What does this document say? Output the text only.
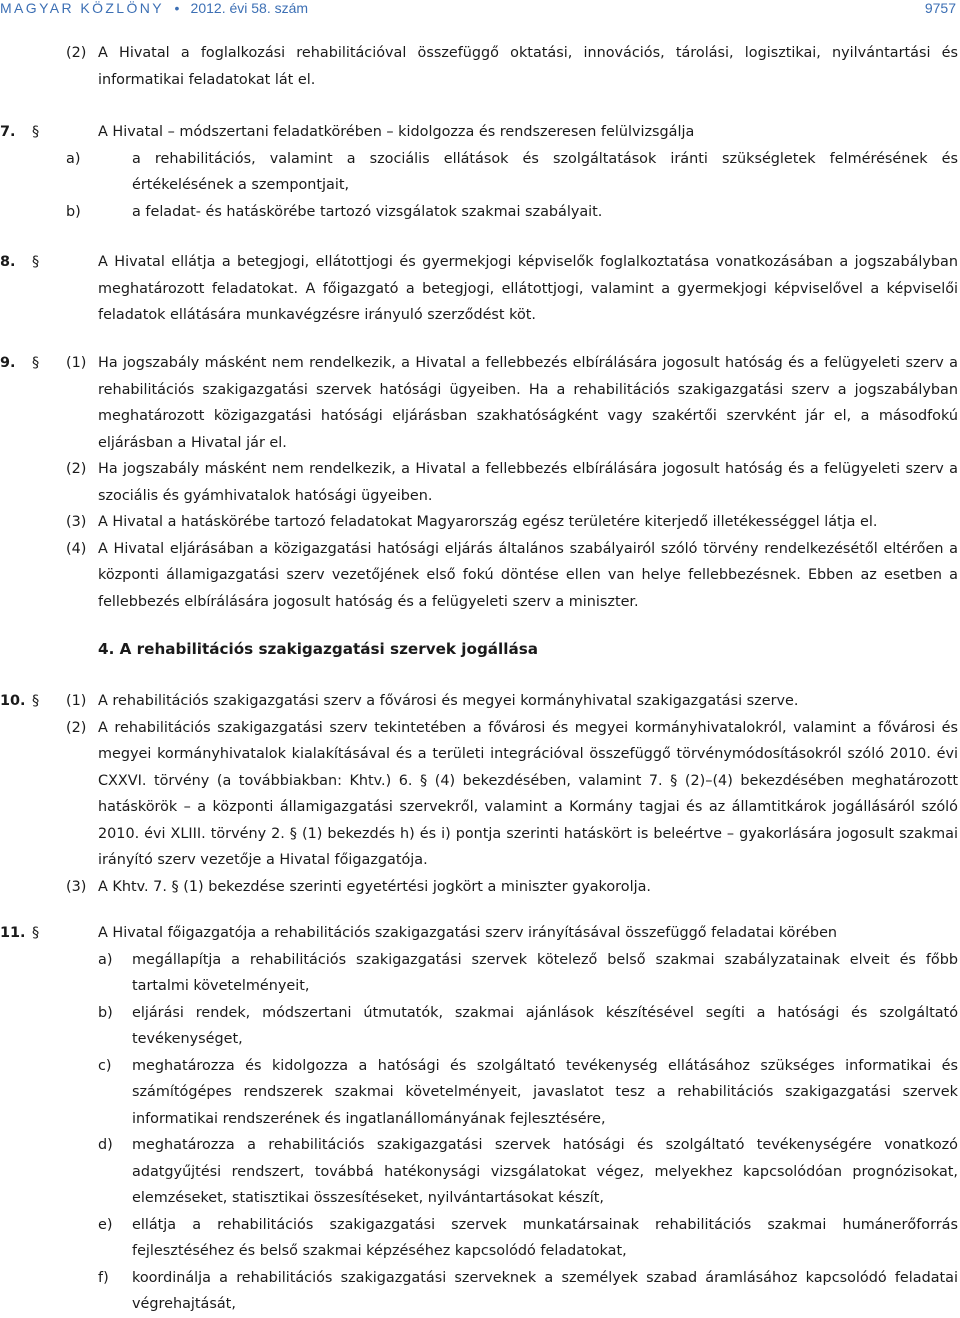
MAGYAR KÖZLÖNY • 2012. évi 58. szám	9757
(2) A Hivatal a foglalkozási rehabilitációval összefüggő oktatási, innovációs, tárolási, logisztikai, nyilvántartási és informatikai feladatokat lát el.

7. §	A Hivatal – módszertani feladatkörében – kidolgozza és rendszeresen felülvizsgálja

a)	a rehabilitációs, valamint a szociális ellátások és szolgáltatások iránti szükségletek felmérésének és értékelésének a szempontjait,

b)	a feladat- és hatáskörébe tartozó vizsgálatok szakmai szabályait.

8. §	A Hivatal ellátja a betegjogi, ellátottjogi és gyermekjogi képviselők foglalkoztatása vonatkozásában a jogszabályban meghatározott feladatokat. A főigazgató a betegjogi, ellátottjogi, valamint a gyermekjogi képviselővel a képviselői feladatok ellátására munkavégzésre irányuló szerződést köt.

9. § (1) Ha jogszabály másként nem rendelkezik, a Hivatal a fellebbezés elbírálására jogosult hatóság és a felügyeleti szerv a rehabilitációs szakigazgatási szervek hatósági ügyeiben. Ha a rehabilitációs szakigazgatási szerv a jogszabályban meghatározott közigazgatási hatósági eljárásban szakhatóságként vagy szakértői szervként jár el, a másodfokú eljárásban a Hivatal jár el.

(2) Ha jogszabály másként nem rendelkezik, a Hivatal a fellebbezés elbírálására jogosult hatóság és a felügyeleti szerv a szociális és gyámhivatalok hatósági ügyeiben.

(3) A Hivatal a hatáskörébe tartozó feladatokat Magyarország egész területére kiterjedő illetékességgel látja el.

(4) A Hivatal eljárásában a közigazgatási hatósági eljárás általános szabályairól szóló törvény rendelkezésétől eltérően a központi államigazgatási szerv vezetőjének első fokú döntése ellen van helye fellebbezésnek. Ebben az esetben a fellebbezés elbírálására jogosult hatóság és a felügyeleti szerv a miniszter.

4. A rehabilitációs szakigazgatási szervek jogállása
10. § (1) A rehabilitációs szakigazgatási szerv a fővárosi és megyei kormányhivatal szakigazgatási szerve.

(2) A rehabilitációs szakigazgatási szerv tekintetében a fővárosi és megyei kormányhivatalokról, valamint a fővárosi és megyei kormányhivatalok kialakításával és a területi integrációval összefüggő törvénymódosításokról szóló 2010. évi CXXVI. törvény (a továbbiakban: Khtv.) 6. § (4) bekezdésében, valamint 7. § (2)–(4) bekezdésében meghatározott hatáskörök – a központi államigazgatási szervekről, valamint a Kormány tagjai és az államtitkárok jogállásáról szóló 2010. évi XLIII. törvény 2. § (1) bekezdés h) és i) pontja szerinti hatáskört is beleértve – gyakorlására jogosult szakmai irányító szerv vezetője a Hivatal főigazgatója.

(3) A Khtv. 7. § (1) bekezdése szerinti egyetértési jogkört a miniszter gyakorolja.

11. §	A Hivatal főigazgatója a rehabilitációs szakigazgatási szerv irányításával összefüggő feladatai körében

a) megállapítja a rehabilitációs szakigazgatási szervek kötelező belső szakmai szabályzatainak elveit és főbb tartalmi követelményeit,

b) eljárási rendek, módszertani útmutatók, szakmai ajánlások készítésével segíti a hatósági és szolgáltató tevékenységet,

c) meghatározza és kidolgozza a hatósági és szolgáltató tevékenység ellátásához szükséges informatikai és számítógépes rendszerek szakmai követelményeit, javaslatot tesz a rehabilitációs szakigazgatási szervek informatikai rendszerének és ingatlanállományának fejlesztésére,

d) meghatározza a rehabilitációs szakigazgatási szervek hatósági és szolgáltató tevékenységére vonatkozó adatgyűjtési rendszert, továbbá hatékonysági vizsgálatokat végez, melyekhez kapcsolódóan prognózisokat, elemzéseket, statisztikai összesítéseket, nyilvántartásokat készít,

e) ellátja a rehabilitációs szakigazgatási szervek munkatársainak rehabilitációs szakmai humánerőforrás fejlesztéséhez és belső szakmai képzéséhez kapcsolódó feladatokat,

f) koordinálja a rehabilitációs szakigazgatási szerveknek a személyek szabad áramlásához kapcsolódó feladatai végrehajtását,
